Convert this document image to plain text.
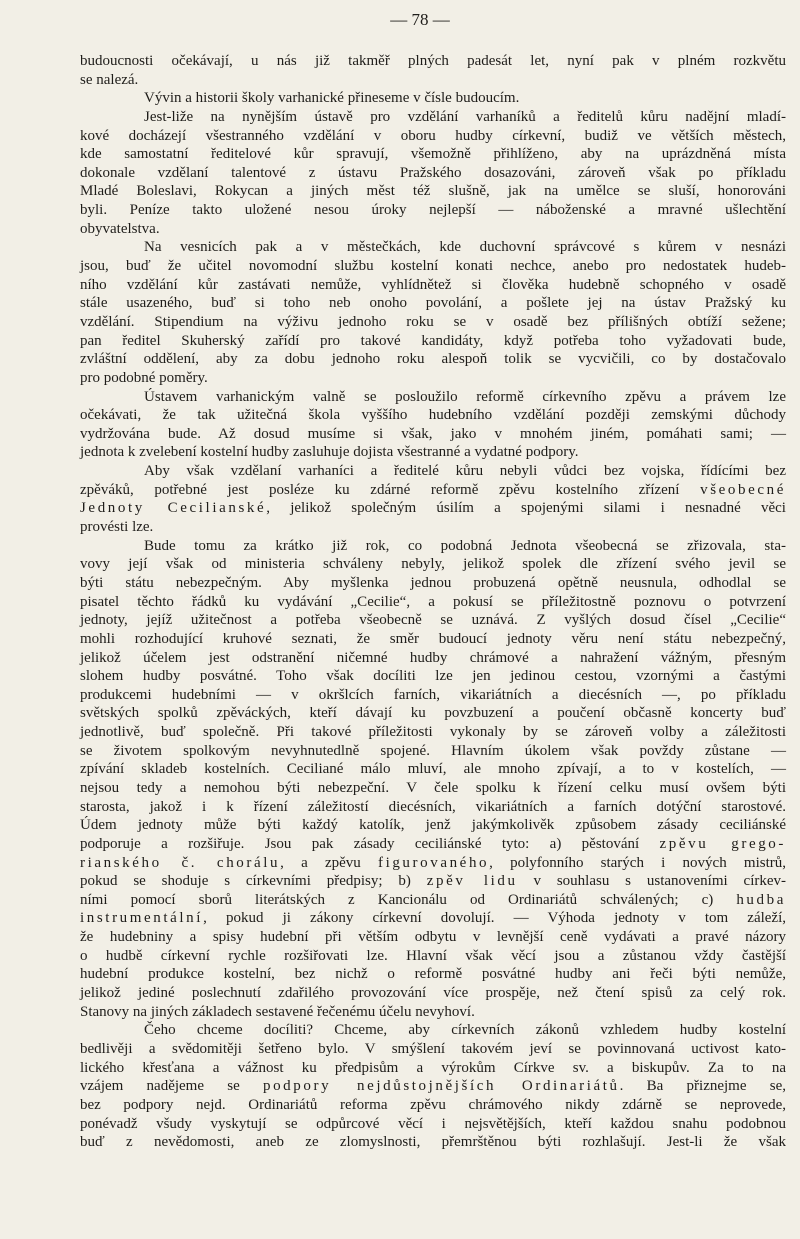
— 78 —
budoucnosti očekávají, u nás již takměř plných padesát let, nyní pak v plném rozkvětu
se nalezá.
Vývin a historii školy varhanické přineseme v čísle budoucím.
Jest-liže na nynějším ústavě pro vzdělání varhaníků a ředitelů kůru nadějní mladí-
kové docházejí všestranného vzdělání v oboru hudby církevní, budiž ve větších městech,
kde samostatní ředitelové kůr spravují, všemožně přihlíženo, aby na uprázdněná místa
dokonale vzdělaní talentové z ústavu Pražského dosazováni, zároveň však po příkladu
Mladé Boleslavi, Rokycan a jiných měst též slušně, jak na umělce se sluší, honorováni
byli. Peníze takto uložené nesou úroky nejlepší — náboženské a mravné ušlechtění
obyvatelstva.
Na vesnicích pak a v městečkách, kde duchovní správcové s kůrem v nesnázi
jsou, buď že učitel novomodní službu kostelní konati nechce, anebo pro nedostatek hudeb-
ního vzdělání kůr zastávati nemůže, vyhlídnětež si člověka hudebně schopného v osadě
stále usazeného, buď si toho neb onoho povolání, a pošlete jej na ústav Pražský ku
vzdělání. Stipendium na výživu jednoho roku se v osadě bez přílišných obtíží sežene;
pan ředitel Skuherský zařídí pro takové kandidáty, když potřeba toho vyžadovati bude,
zvláštní oddělení, aby za dobu jednoho roku alespoň tolik se vycvičili, co by dostačovalo
pro podobné poměry.
Ústavem varhanickým valně se posloužilo reformě církevního zpěvu a právem lze
očekávati, že tak užitečná škola vyššího hudebního vzdělání později zemskými důchody
vydržována bude. Až dosud musíme si však, jako v mnohém jiném, pomáhati sami; —
jednota k zvelebení kostelní hudby zasluhuje dojista všestranné a vydatné podpory.
Aby však vzdělaní varhaníci a ředitelé kůru nebyli vůdci bez vojska, řídícími bez
zpěváků, potřebné jest posléze ku zdárné reformě zpěvu kostelního zřízení všeobecné
Jednoty Cecilianské, jelikož společným úsilím a spojenými silami i nesnadné věci
provésti lze.
Bude tomu za krátko již rok, co podobná Jednota všeobecná se zřizovala, sta-
vovy její však od ministeria schváleny nebyly, jelikož spolek dle zřízení svého jevil se
býti státu nebezpečným. Aby myšlenka jednou probuzená opětně neusnula, odhodlal se
pisatel těchto řádků ku vydávání „Cecilie“, a pokusí se příležitostně poznovu o potvrzení
jednoty, jejíž užitečnost a potřeba všeobecně se uznává. Z vyšlých dosud čísel „Cecilie“
mohli rozhodující kruhové seznati, že směr budoucí jednoty věru není státu nebezpečný,
jelikož účelem jest odstranění ničemné hudby chrámové a nahražení vážným, přesným
slohem hudby posvátné. Toho však docíliti lze jen jedinou cestou, vzornými a častými
produkcemi hudebními — v okršlcích farních, vikariátních a diecésních —, po příkladu
světských spolků zpěváckých, kteří dávají ku povzbuzení a poučení občasně koncerty buď
jednotlivě, buď společně. Při takové příležitosti vykonaly by se zároveň volby a záležitosti
se životem spolkovým nevyhnutedlně spojené. Hlavním úkolem však povždy zůstane —
zpívání skladeb kostelních. Ceciliané málo mluví, ale mnoho zpívají, a to v kostelích, —
nejsou tedy a nemohou býti nebezpeční. V čele spolku k řízení celku musí ovšem býti
starosta, jakož i k řízení záležitostí diecésních, vikariátních a farních dotýční starostové.
Údem jednoty může býti každý katolík, jenž jakýmkolivěk způsobem zásady ceciliánské
podporuje a rozšiřuje. Jsou pak zásady ceciliánské tyto: a) pěstování zpěvu grego-
rianského č. chorálu, a zpěvu figurovaného, polyfonního starých i nových mistrů,
pokud se shoduje s církevními předpisy; b) zpěv lidu v souhlasu s ustanoveními církev-
ními pomocí sborů literátských z Kancionálu od Ordinariátů schválených; c) hudba
instrumentální, pokud ji zákony církevní dovolují. — Výhoda jednoty v tom záleží,
že hudebniny a spisy hudební při větším odbytu v levnější ceně vydávati a pravé názory
o hudbě církevní rychle rozšiřovati lze. Hlavní však věcí jsou a zůstanou vždy častější
hudební produkce kostelní, bez nichž o reformě posvátné hudby ani řeči býti nemůže,
jelikož jediné poslechnutí zdařilého provozování více prospěje, než čtení spisů za celý rok.
Stanovy na jiných základech sestavené řečenému účelu nevyhoví.
Čeho chceme docíliti? Chceme, aby církevních zákonů vzhledem hudby kostelní
bedlivěji a svědomitěji šetřeno bylo. V smýšlení takovém jeví se povinnovaná uctivost kato-
lického křesťana a vážnost ku předpisům a výrokům Církve sv. a biskupův. Za to na
vzájem nadějeme se podpory nejdůstojnějších Ordinariátů. Ba přiznejme se,
bez podpory nejd. Ordinariátů reforma zpěvu chrámového nikdy zdárně se neprovede,
ponévadž všudy vyskytují se odpůrcové věcí i nejsvětějších, kteří každou snahu podobnou
buď z nevědomosti, aneb ze zlomyslnosti, přemrštěnou býti rozhlašují. Jest-li že však
